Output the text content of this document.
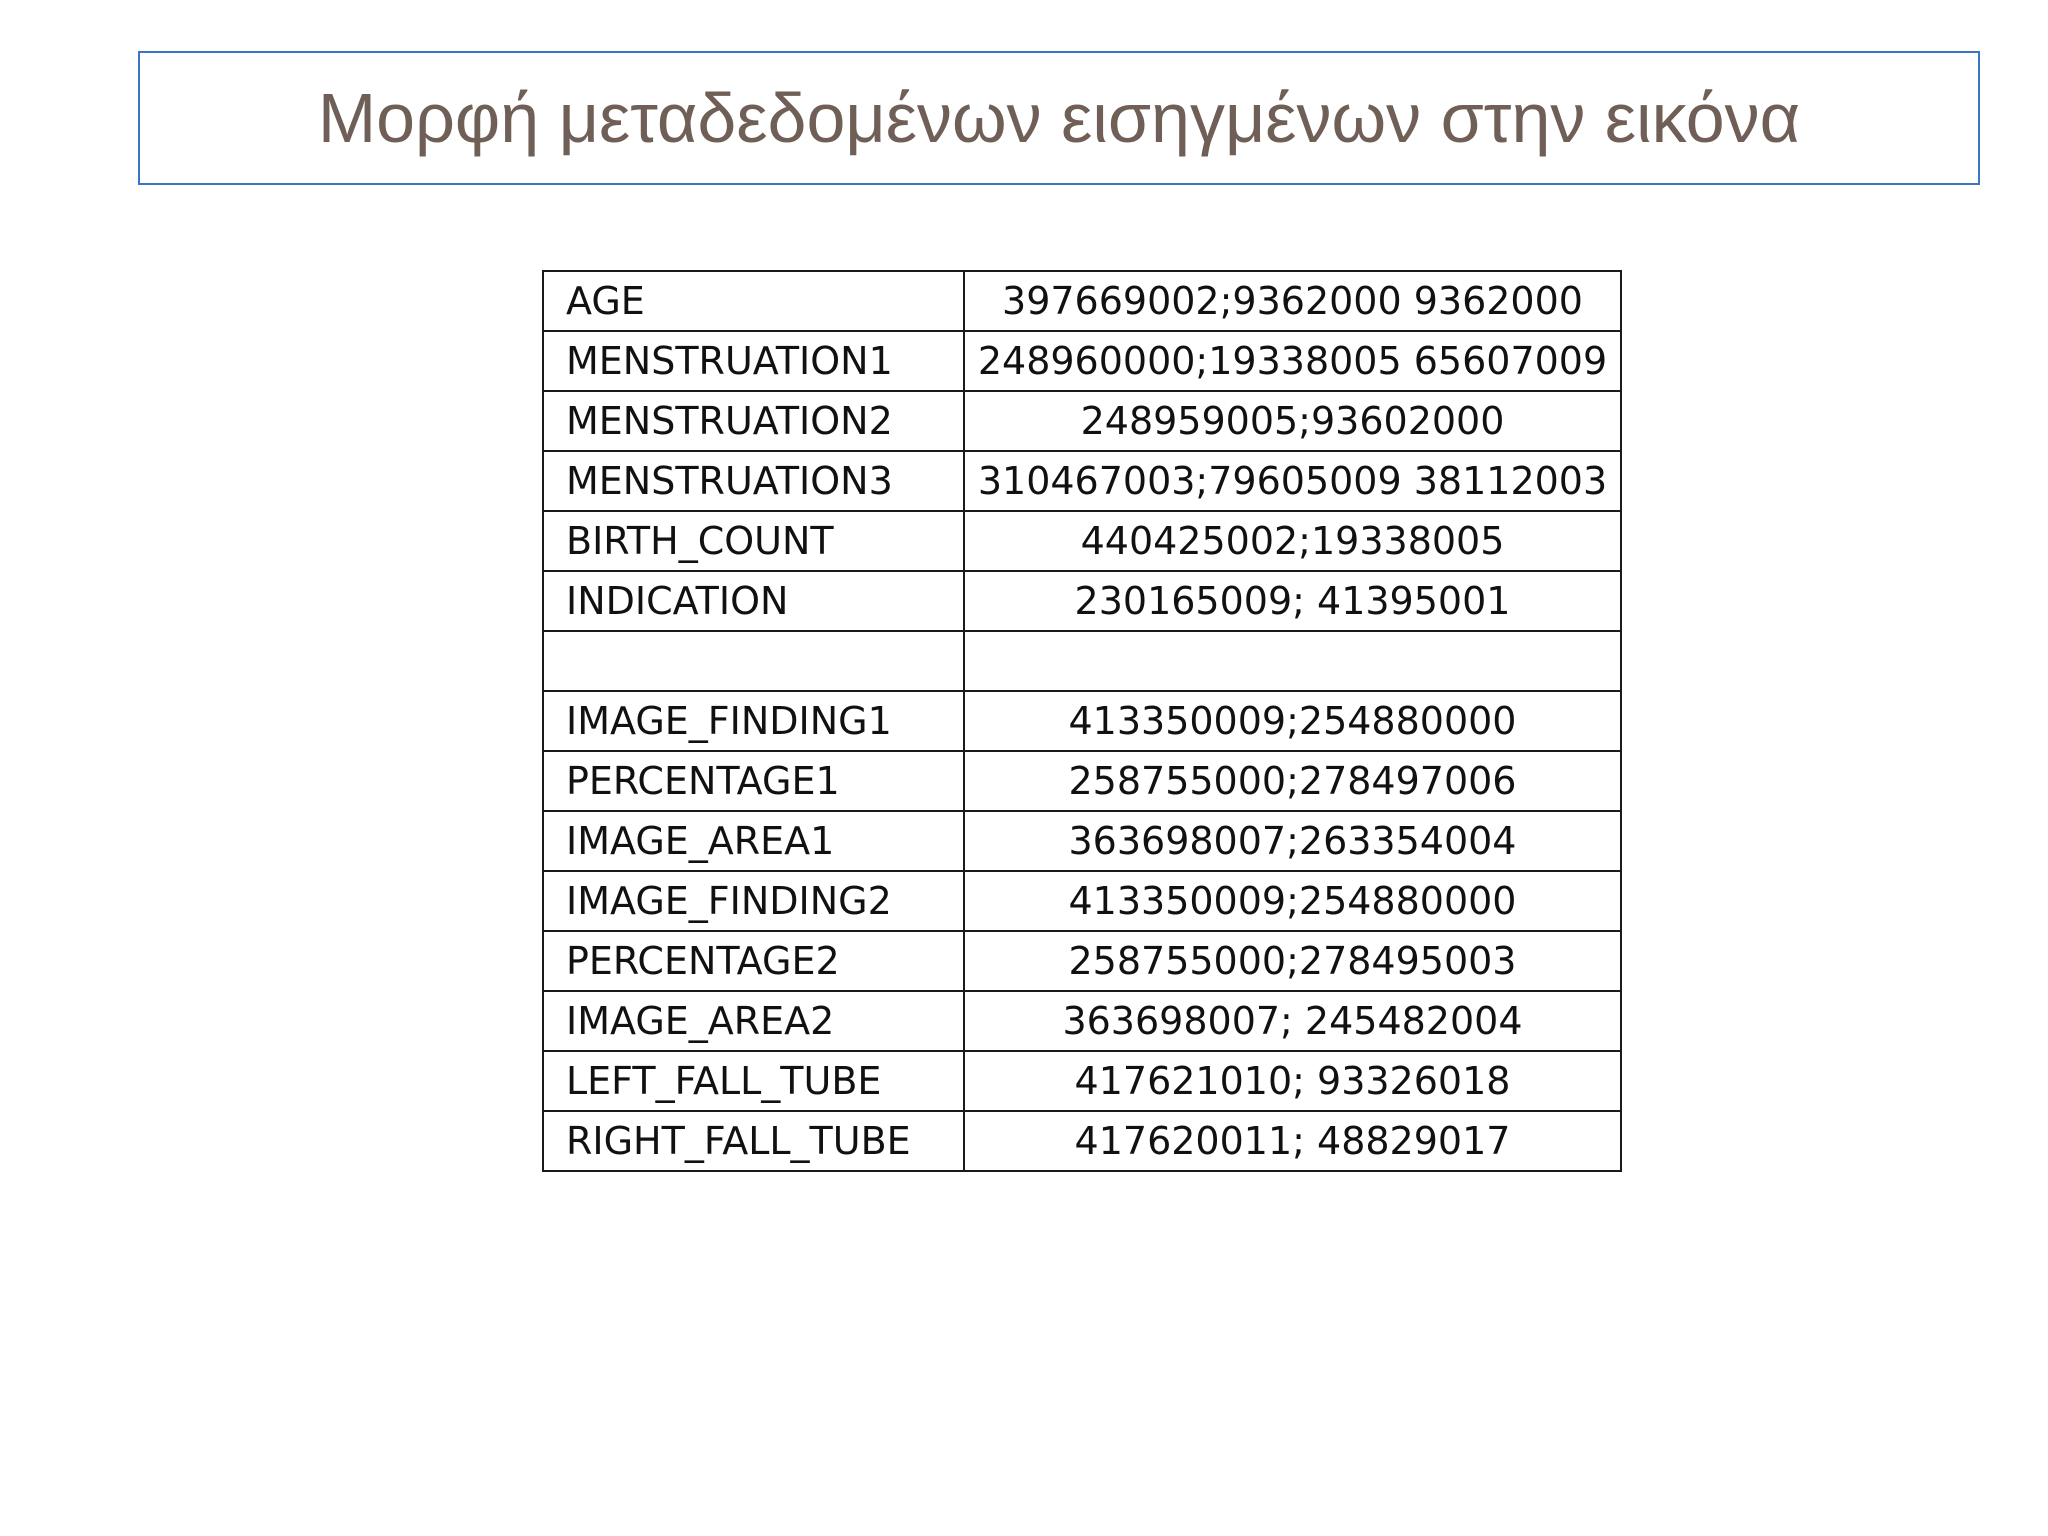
Μορφή μεταδεδομένων εισηγμένων στην εικόνα
AGE	397669002;9362000 9362000
MENSTRUATION1	248960000;19338005 65607009
MENSTRUATION2	248959005;93602000
MENSTRUATION3	310467003;79605009 38112003
BIRTH_COUNT	440425002;19338005
INDICATION	230165009; 41395001

IMAGE_FINDING1	413350009;254880000
PERCENTAGE1	258755000;278497006
IMAGE_AREA1	363698007;263354004
IMAGE_FINDING2	413350009;254880000
PERCENTAGE2	258755000;278495003
IMAGE_AREA2	363698007; 245482004
LEFT_FALL_TUBE	417621010; 93326018
RIGHT_FALL_TUBE	417620011; 48829017
